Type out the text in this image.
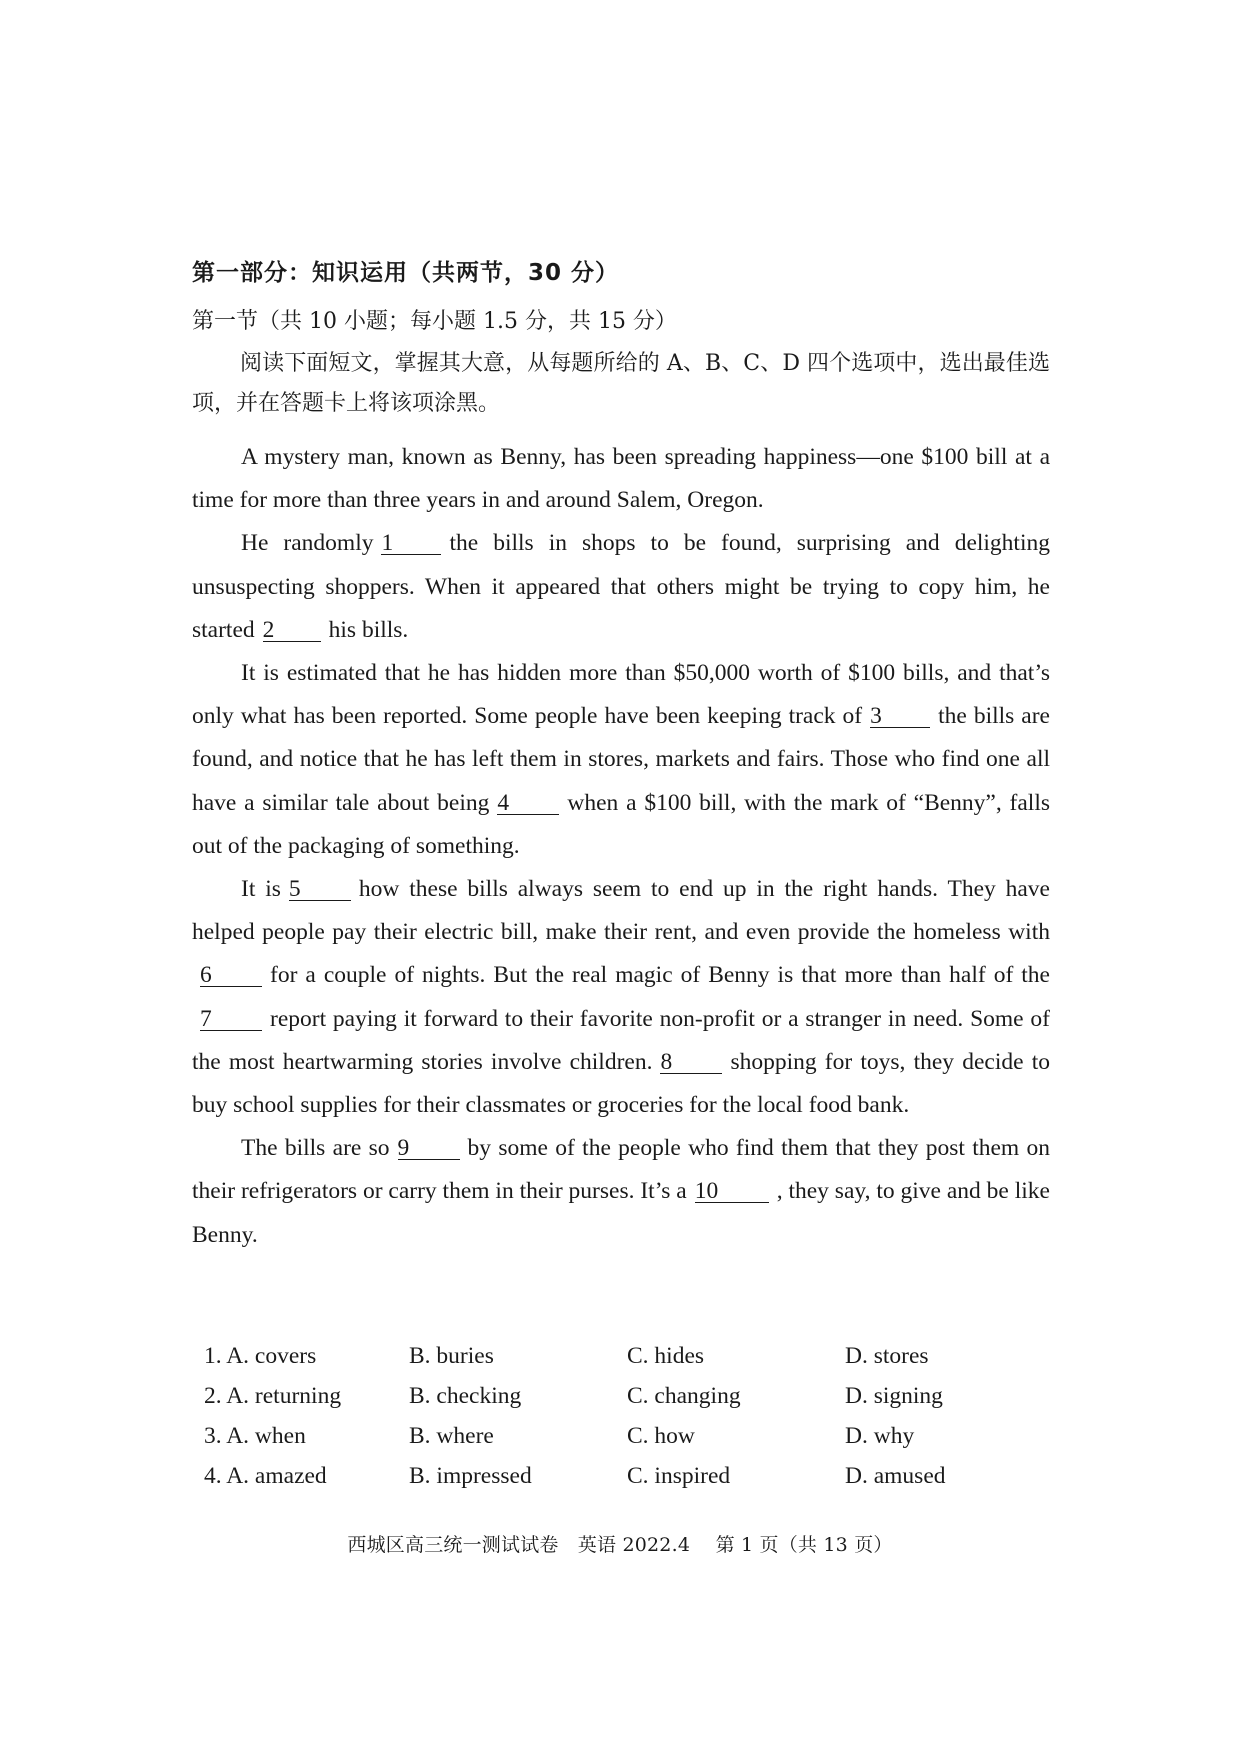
第一部分：知识运用（共两节，30 分）
第一节（共 10 小题；每小题 1.5 分，共 15 分）
阅读下面短文，掌握其大意，从每题所给的 A、B、C、D 四个选项中，选出最佳选项，并在答题卡上将该项涂黑。

A mystery man, known as Benny, has been spreading happiness—one $100 bill at a time for more than three years in and around Salem, Oregon.

He randomly 1 the bills in shops to be found, surprising and delighting unsuspecting shoppers. When it appeared that others might be trying to copy him, he started 2 his bills.

It is estimated that he has hidden more than $50,000 worth of $100 bills, and that’s only what has been reported. Some people have been keeping track of 3 the bills are found, and notice that he has left them in stores, markets and fairs. Those who find one all have a similar tale about being 4 when a $100 bill, with the mark of “Benny”, falls out of the packaging of something.

It is 5 how these bills always seem to end up in the right hands. They have helped people pay their electric bill, make their rent, and even provide the homeless with6 for a couple of nights. But the real magic of Benny is that more than half of the7 report paying it forward to their favorite non-profit or a stranger in need. Some of the most heartwarming stories involve children. 8 shopping for toys, they decide to buy school supplies for their classmates or groceries for the local food bank.

The bills are so 9 by some of the people who find them that they post them on their refrigerators or carry them in their purses. It’s a 10 , they say, to give and be like Benny.

1. A. covers	B. buries	C. hides	D. stores
2. A. returning	B. checking	C. changing	D. signing
3. A. when	B. where	C. how	D. why
4. A. amazed	B. impressed	C. inspired	D. amused
西城区高三统一测试试卷　英语 2022.4　 第 1 页（共 13 页）
